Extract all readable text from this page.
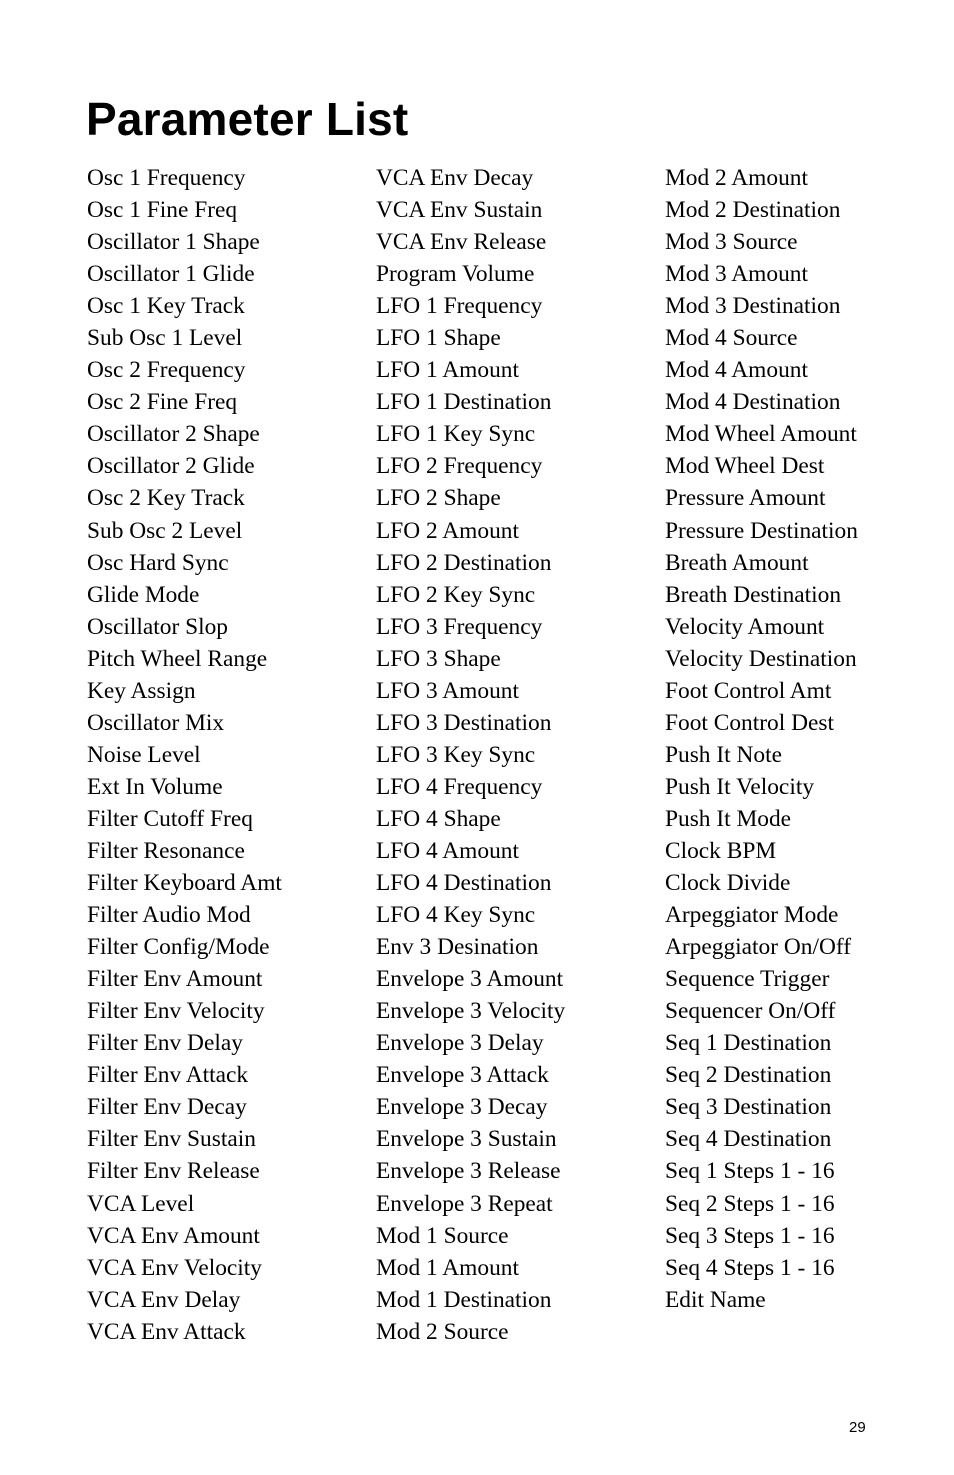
Parameter List
Osc 1 Frequency
Osc 1 Fine Freq
Oscillator 1 Shape
Oscillator 1 Glide
Osc 1 Key Track
Sub Osc 1 Level
Osc 2 Frequency
Osc 2 Fine Freq
Oscillator 2 Shape
Oscillator 2 Glide
Osc 2 Key Track
Sub Osc 2 Level
Osc Hard Sync
Glide Mode
Oscillator Slop
Pitch Wheel Range
Key Assign
Oscillator Mix
Noise Level
Ext In Volume
Filter Cutoff Freq
Filter Resonance
Filter Keyboard Amt
Filter Audio Mod
Filter Config/Mode
Filter Env Amount
Filter Env Velocity
Filter Env Delay
Filter Env Attack
Filter Env Decay
Filter Env Sustain
Filter Env Release
VCA Level
VCA Env Amount
VCA Env Velocity
VCA Env Delay
VCA Env Attack
VCA Env Decay
VCA Env Sustain
VCA Env Release
Program Volume
LFO 1 Frequency
LFO 1 Shape
LFO 1 Amount
LFO 1 Destination
LFO 1 Key Sync
LFO 2 Frequency
LFO 2 Shape
LFO 2 Amount
LFO 2 Destination
LFO 2 Key Sync
LFO 3 Frequency
LFO 3 Shape
LFO 3 Amount
LFO 3 Destination
LFO 3 Key Sync
LFO 4 Frequency
LFO 4 Shape
LFO 4 Amount
LFO 4 Destination
LFO 4 Key Sync
Env 3 Desination
Envelope 3 Amount
Envelope 3 Velocity
Envelope 3 Delay
Envelope 3 Attack
Envelope 3 Decay
Envelope 3 Sustain
Envelope 3 Release
Envelope 3 Repeat
Mod 1 Source
Mod 1 Amount
Mod 1 Destination
Mod 2 Source
Mod 2 Amount
Mod 2 Destination
Mod 3 Source
Mod 3 Amount
Mod 3 Destination
Mod 4 Source
Mod 4 Amount
Mod 4 Destination
Mod Wheel Amount
Mod Wheel Dest
Pressure Amount
Pressure Destination
Breath Amount
Breath Destination
Velocity Amount
Velocity Destination
Foot Control Amt
Foot Control Dest
Push It Note
Push It Velocity
Push It Mode
Clock BPM
Clock Divide
Arpeggiator Mode
Arpeggiator On/Off
Sequence Trigger
Sequencer On/Off
Seq 1 Destination
Seq 2 Destination
Seq 3 Destination
Seq 4 Destination
Seq 1 Steps 1 - 16
Seq 2 Steps 1 - 16
Seq 3 Steps 1 - 16
Seq 4 Steps 1 - 16
Edit Name
29
